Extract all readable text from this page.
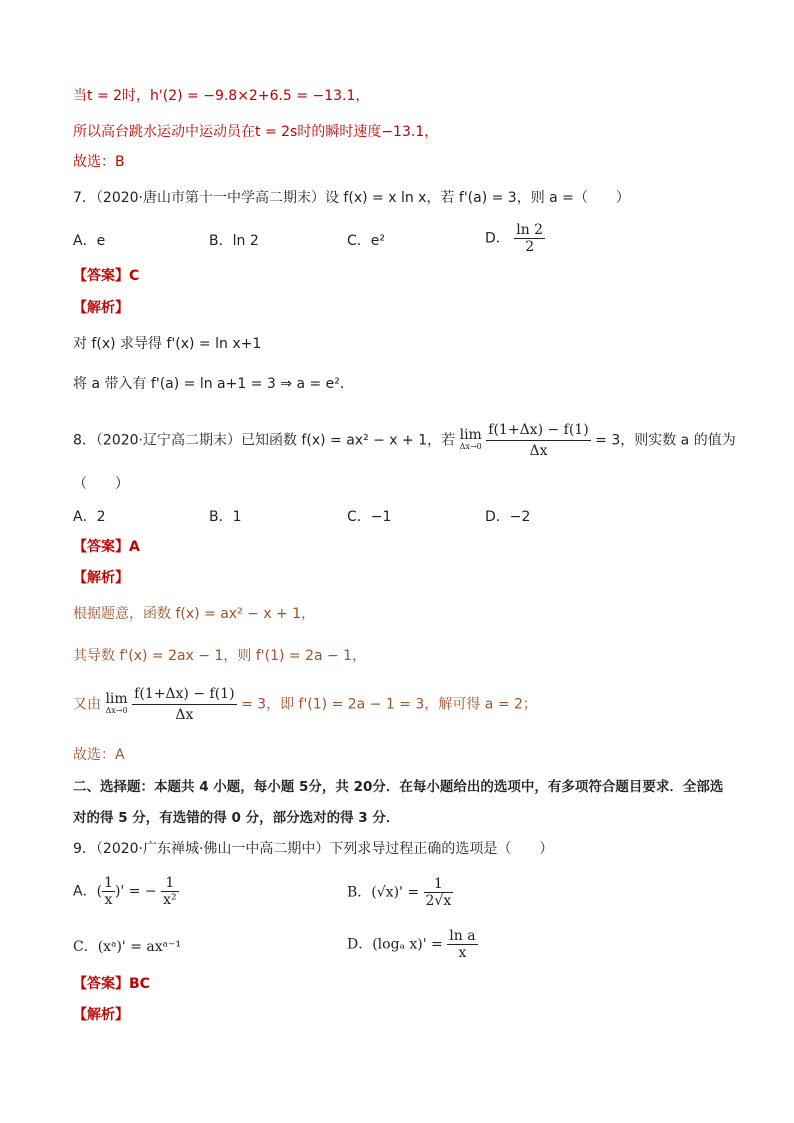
当t = 2时，h'(2) = −9.8×2+6.5 = −13.1，
所以高台跳水运动中运动员在t = 2s时的瞬时速度−13.1，
故选：B
7．（2020·唐山市第十一中学高二期末）设 f(x) = x ln x，若 f'(a) = 3，则 a =（　　）
A．e	B．ln 2	C．e²	D． $\frac{\ln 2}{2}$
【答案】C
【解析】
对 f(x) 求导得 f'(x) = ln x+1
将 a 带入有 f'(a) = ln a+1 = 3 ⇒ a = e²．
8．（2020·辽宁高二期末）已知函数 f(x) = ax² − x + 1，若 lim
Δx→0
$\frac{f(1+\Delta x) - f(1)}{\Delta x} = 3$，则实数 a 的值为
（　　）
A．2	B．1	C．−1	D．−2
【答案】A
【解析】
根据题意，函数 f(x) = ax² − x + 1，
其导数 f'(x) = 2ax − 1，则 f'(1) = 2a − 1，
又由 lim
Δx→0
$\frac{f(1+\Delta x) - f(1)}{\Delta x} = 3$，即 f'(1) = 2a − 1 = 3，解可得 a = 2；
故选：A
二、选择题：本题共 4 小题，每小题 5分，共 20分．在每小题给出的选项中，有多项符合题目要求．全部选
对的得 5 分，有选错的得 0 分，部分选对的得 3 分．
9．（2020·广东禅城·佛山一中高二期中）下列求导过程正确的选项是（　　）
A．( $\frac{1}{x}$ )' = − $\frac{1}{\text{x²}}$	B．$(√x)' = \frac{1}{2√x}$
C．(xᵃ)' = axᵃ⁻¹	D．(logₐ $x)' = \frac{\text{ln a}}{x}$
【答案】BC
【解析】
